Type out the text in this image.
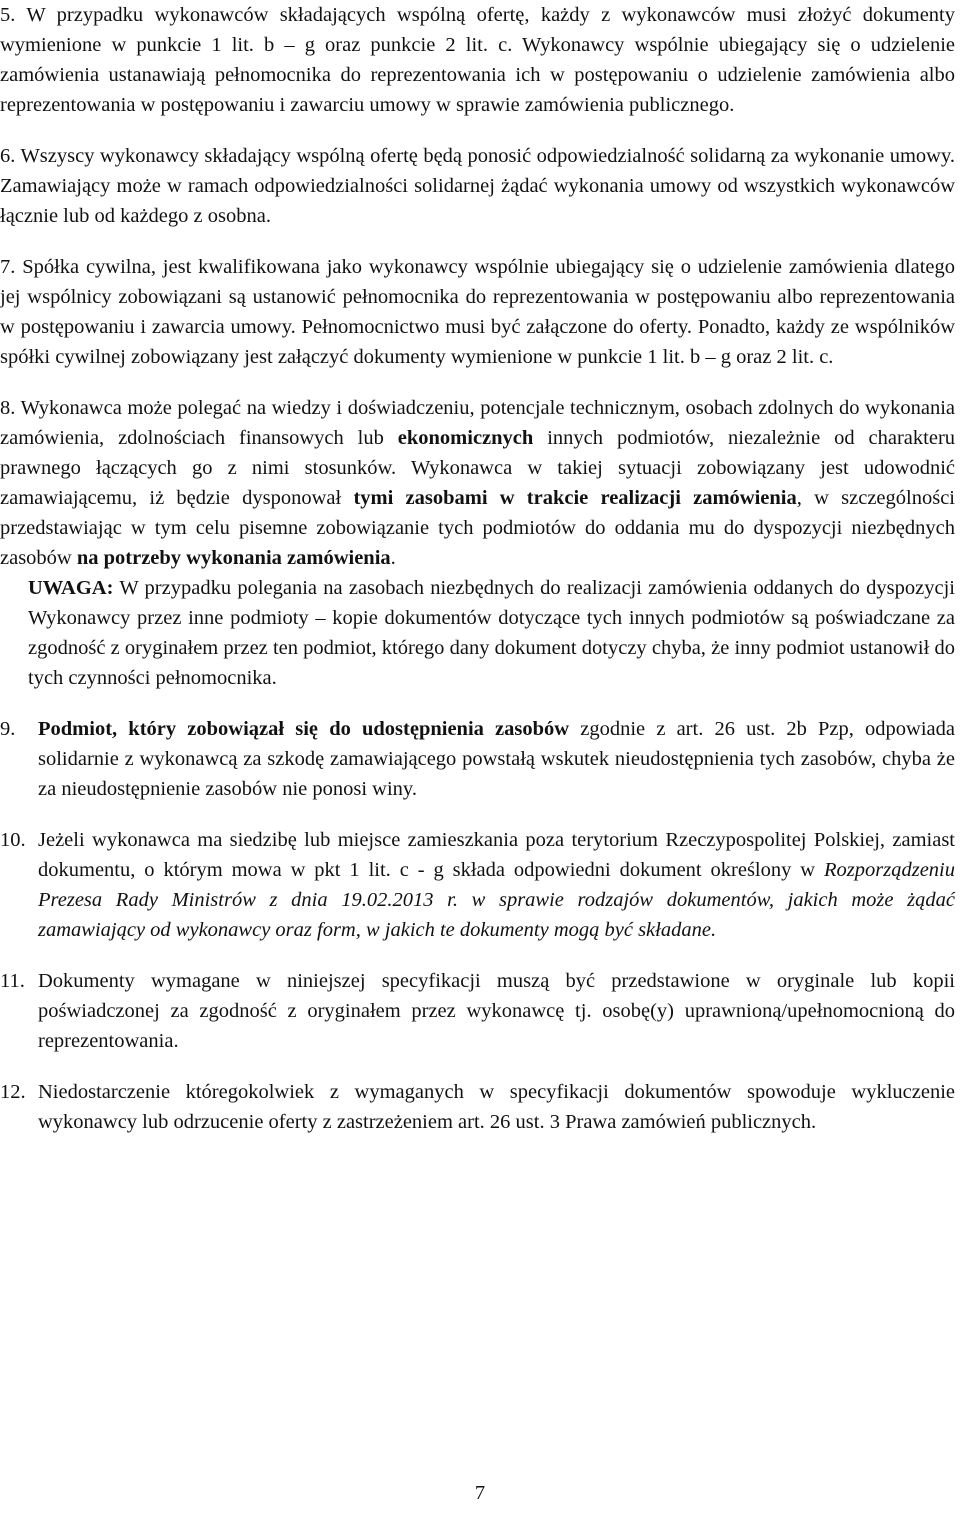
5. W przypadku wykonawców składających wspólną ofertę, każdy z wykonawców musi złożyć dokumenty wymienione w punkcie 1 lit. b – g oraz punkcie 2 lit. c. Wykonawcy wspólnie ubiegający się o udzielenie zamówienia ustanawiają pełnomocnika do reprezentowania ich w postępowaniu o udzielenie zamówienia albo reprezentowania w postępowaniu i zawarciu umowy w sprawie zamówienia publicznego.

6. Wszyscy wykonawcy składający wspólną ofertę będą ponosić odpowiedzialność solidarną za wykonanie umowy. Zamawiający może w ramach odpowiedzialności solidarnej żądać wykonania umowy od wszystkich wykonawców łącznie lub od każdego z osobna.

7. Spółka cywilna, jest kwalifikowana jako wykonawcy wspólnie ubiegający się o udzielenie zamówienia dlatego jej wspólnicy zobowiązani są ustanowić pełnomocnika do reprezentowania w postępowaniu albo reprezentowania w postępowaniu i zawarcia umowy. Pełnomocnictwo musi być załączone do oferty. Ponadto, każdy ze wspólników spółki cywilnej zobowiązany jest załączyć dokumenty wymienione w punkcie 1 lit. b – g oraz 2 lit. c.

8. Wykonawca może polegać na wiedzy i doświadczeniu, potencjale technicznym, osobach zdolnych do wykonania zamówienia, zdolnościach finansowych lub ekonomicznych innych podmiotów, niezależnie od charakteru prawnego łączących go z nimi stosunków. Wykonawca w takiej sytuacji zobowiązany jest udowodnić zamawiającemu, iż będzie dysponował tymi zasobami w trakcie realizacji zamówienia, w szczególności przedstawiając w tym celu pisemne zobowiązanie tych podmiotów do oddania mu do dyspozycji niezbędnych zasobów na potrzeby wykonania zamówienia.

UWAGA: W przypadku polegania na zasobach niezbędnych do realizacji zamówienia oddanych do dyspozycji Wykonawcy przez inne podmioty – kopie dokumentów dotyczące tych innych podmiotów są poświadczane za zgodność z oryginałem przez ten podmiot, którego dany dokument dotyczy chyba, że inny podmiot ustanowił do tych czynności pełnomocnika.

9.	Podmiot, który zobowiązał się do udostępnienia zasobów zgodnie z art. 26 ust. 2b Pzp, odpowiada solidarnie z wykonawcą za szkodę zamawiającego powstałą wskutek nieudostępnienia tych zasobów, chyba że za nieudostępnienie zasobów nie ponosi winy.

10. Jeżeli wykonawca ma siedzibę lub miejsce zamieszkania poza terytorium Rzeczypospolitej Polskiej, zamiast dokumentu, o którym mowa w pkt 1 lit. c - g składa odpowiedni dokument określony w Rozporządzeniu Prezesa Rady Ministrów z dnia 19.02.2013 r. w sprawie rodzajów dokumentów, jakich może żądać zamawiający od wykonawcy oraz form, w jakich te dokumenty mogą być składane.

11. Dokumenty wymagane w niniejszej specyfikacji muszą być przedstawione w oryginale lub kopii poświadczonej za zgodność z oryginałem przez wykonawcę tj. osobę(y) uprawnioną/upełnomocnioną do reprezentowania.

12. Niedostarczenie któregokolwiek z wymaganych w specyfikacji dokumentów spowoduje wykluczenie wykonawcy lub odrzucenie oferty z zastrzeżeniem art. 26 ust. 3 Prawa zamówień publicznych.

7
